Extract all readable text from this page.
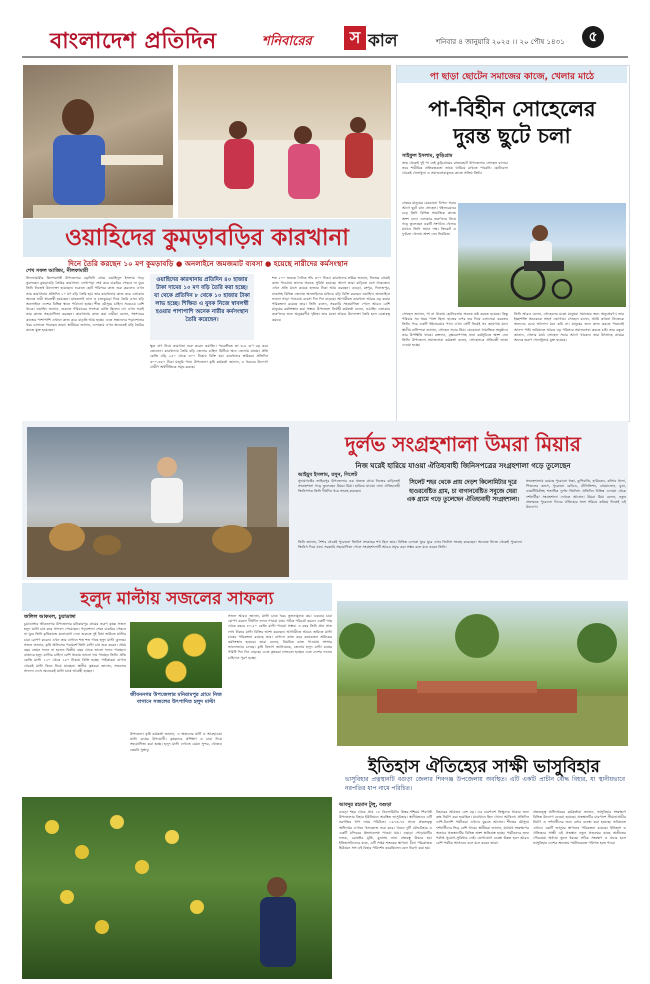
বাংলাদেশ প্রতিদিন	শনিবারের	স কাল	শনিবার ৪ জানুয়ারি ২০২৫ ।। ২০ পৌষ ১৪৩১	৫
ওয়াহিদের কুমড়াবড়ির কারখানা
দিনে তৈরি করছেন ১০ মণ কুমড়াবড়ি ● অনলাইনে জমজমাট ব্যবসা ● হয়েছে নারীদের কর্মসংস্থান
শেখ সফল আজিম, নীলফামারী
নীলফামারীর কিশোরগঞ্জ উপজেলার বড়ভিটা গ্রামে ওয়াহিদুল ইসলাম গড়ে তুলেছেন কুমড়াবড়ি তৈরির কারখানা। লেখাপড়া শেষ করে চাকরির পেছনে না ঘুরে তিনি নিজেই উদ্যোক্তা হয়েছেন। শুরুতে ছোট পরিসরে কাজ শুরু করলেও এখন তার কারখানায় প্রতিদিন ১০ মণ বড়ি তৈরি হয়। তার কারখানায় কাজ করে এলাকার অনেক নারী স্বাবলম্বী হয়েছেন। মাষকলাই ডাল ও চালকুমড়া দিয়ে তৈরি এসব বড়ি অনলাইনে দেশের বিভিন্ন স্থানে পাঠানো হচ্ছে। শীত মৌসুমে চাহিদা সবচেয়ে বেশি থাকে। ওয়াহিদ জানান, শুরুতে পরিবারের সদস্যরা রাজি ছিলেন না। এখন সবাই তার কাজে সহযোগিতা করছেন। কারখানায় কাজ করা নারীরা বলেন, সংসারের কাজের পাশাপাশি এখানে কাজ করে বাড়তি আয় হচ্ছে। এতে সন্তানদের পড়াশোনার খরচ চালাতে পারছেন তারা। স্থানীয়রা জানান, এলাকায় এখন অনেকেই বড়ি তৈরির কাজে যুক্ত হয়েছেন।
ওয়াহিদের কারখানায় প্রতিদিন ৪০ হাজার টাকা দামের ১০ মণ বড়ি তৈরি করা হচ্ছে। যা থেকে প্রতিদিন ৮ থেকে ১০ হাজার টাকা লাভ হচ্ছে। শিক্ষিত এ যুবক নিজে স্বাবলম্বী হওয়ার পাশাপাশি অনেক নারীর কর্মসংস্থান তৈরি করেছেন।
ক্ষুদ্র ঋণ নিয়ে কারখানা শুরু করেন ওয়াহিদ। পরবর্তীতে তা ৩-৪ গুণ বড় করে তোলেন। কারখানায় তৈরি বড়ি জেলার চাহিদা মিটিয়ে অন্য জেলায় যাচ্ছে। প্রতি কেজি বড়ি ২৫০ থেকে ৩০০ টাকায় বিক্রি হয়। কারখানার শ্রমিকরা প্রতিদিন ৩০০-৩৫০ টাকা মজুরি পান। উপজেলা কৃষি কর্মকর্তা জানান, এ ধরনের উদ্যোগ গ্রামীণ অর্থনীতিকে সমৃদ্ধ করছে।
শত ২০০ জনকে দৈনিক পাঁচ ৩০০ টাকা। কারখানার শ্রমিক জানান, নিজের গ্রামেই কাজ পাওয়ায় তাদের অনেক সুবিধা হয়েছে। আগে তারা বাড়িতে বসে থাকতেন। এখন প্রতি মাসে কয়েক হাজার টাকা আয় করছেন। বগুড়া, রংপুর, দিনাজপুর, ঢাকাসহ বিভিন্ন জেলায় অনলাইনের মাধ্যমে বড়ি বিক্রি করছেন ওয়াহিদ। অনলাইনে ভালো সাড়া পাওয়ায় ব্যবসা দিন দিন বাড়ছে। আগামীতে কারখানা আরও বড় করার পরিকল্পনা রয়েছে তার। তিনি বলেন, সরকারি সহযোগিতা পেলে আরও বেশি মানুষের কর্মসংস্থান করা সম্ভব। উপজেলা নির্বাহী কর্মকর্তা বলেন, ওয়াহিদ এলাকার তরুণদের জন্য অনুকরণীয় দৃষ্টান্ত। তার মতো আরও উদ্যোক্তা তৈরি হলে বেকারত্ব কমবে।
পা ছাড়া ছোটেন সমাজের কাজে, খেলার মাঠে
পা-বিহীন সোহেলের
দুরন্ত ছুটে চলা
সাইফুল ইসলাম, কুড়িগ্রাম
জন্ম থেকেই দুই পা নেই কুড়িগ্রামের রাজারহাট উপজেলার সোহেল রানার। তবে শারীরিক প্রতিবন্ধকতা তাকে থামিয়ে রাখতে পারেনি। ছোটবেলা থেকেই খেলাধুলা ও সমাজসেবামূলক কাজে সক্রিয় তিনি।
গ্রামের মানুষের যেকোনো বিপদে সবার আগে ছুটে যান সোহেল। হুইলচেয়ারে চড়ে তিনি বিভিন্ন সামাজিক কাজে অংশ নেন। এলাকার তরুণদের নিয়ে গড়ে তুলেছেন একটি সংগঠন। খেলার মাঠেও তিনি সমান দক্ষ। ক্রিকেট ও ফুটবল খেলায় অংশ নেন নিয়মিত।
সোহেল জানান, পা না থাকায় ছোটবেলায় অনেক কষ্ট করতে হয়েছে। কিন্তু পরিবার সব সময় পাশে ছিল। হাতের ওপর ভর দিয়ে চলাফেরা করতেন তিনি। পরে একটি হুইলচেয়ার পান। এখন সেটি নিয়েই সব জায়গায় যান। স্থানীয় বাসিন্দারা জানান, সোহেল সবার প্রিয়। যেকোনো সামাজিক অনুষ্ঠানে তার উপস্থিতি থাকে। রক্তদান, বৃক্ষরোপণসহ নানা কর্মসূচিতে অংশ নেন তিনি। উপজেলা সমাজসেবা কর্মকর্তা বলেন, সোহেলকে প্রতিবন্ধী ভাতা দেওয়া হচ্ছে।
তিনি আরও বলেন, সোহেলের মতো মানুষরা সমাজের জন্য অনুপ্রেরণা। তার ইচ্ছাশক্তি অনেককে সাহস জোগায়। সোহেল বলেন, আমি কখনো নিজেকে অন্যদের চেয়ে আলাদা মনে করি না। মানুষের জন্য কাজ করতে পারলেই আনন্দ পাই। ভবিষ্যতে আরও বড় পরিসরে সমাজসেবা করতে চাই। তার বন্ধুরা জানান, খেলার মাঠে সোহেল সবার আগে থাকেন। তার উৎসাহে গ্রামের অনেক তরুণ খেলাধুলায় যুক্ত হয়েছে।
দুর্লভ সংগ্রহশালা উমরা মিয়ার
নিজ ঘরেই হারিয়ে যাওয়া ঐতিহ্যবাহী জিনিসপত্রের সংগ্রহশালা গড়ে তুলেছেন
আইয়ুব ইসলাম, রসুন, সিলেট
সুনামগঞ্জের তাহিরপুর উপজেলার এক প্রত্যন্ত গ্রামে নিজের বাড়িতেই সংগ্রহশালা গড়ে তুলেছেন উমরা মিয়া। হারিয়ে যাওয়া নানা ঐতিহ্যবাহী জিনিসপত্র তিনি দীর্ঘদিন ধরে সংগ্রহ করছেন।
সিলেট শহর থেকে প্রায় দেড়শ কিলোমিটার দূরে হাওরবেষ্টিত গ্রাম, চা বাগানবেষ্টিত সবুজে ঘেরা এক গ্রামে গড়ে তুলেছেন ঐতিহ্যবাহী সংগ্রহশালা।
সংগ্রহশালায় রয়েছে পুরোনো হুক্কা, কুপিবাতি, হারিকেন, কাঁসার থালা, পিতলের কলস, পুরোনো রেডিও, টেলিভিশন, গ্রামোফোন, মুদ্রা, ডাকটিকিটসহ শতাধিক দুর্লভ জিনিস। প্রতিদিন বিভিন্ন এলাকা থেকে দর্শনার্থীরা সংগ্রহশালা দেখতে আসেন। উমরা মিয়া বলেন, নতুন প্রজন্মকে পুরোনো দিনের ঐতিহ্যের সঙ্গে পরিচয় করিয়ে দিতেই এই উদ্যোগ।
তিনি জানান, শৈশব থেকেই পুরোনো জিনিস সংগ্রহের শখ ছিল তার। বিভিন্ন এলাকা ঘুরে ঘুরে এসব জিনিস সংগ্রহ করেছেন। অনেকে নিজে থেকেই পুরোনো জিনিস দিয়ে যান। সরকারি সহযোগিতা পেলে সংগ্রহশালাটি আরও সমৃদ্ধ করা সম্ভব বলে মনে করেন তিনি।
হলুদ মাল্টায় সজলের সাফল্য
জলিল আকমল, চুয়াডাঙ্গা
চুয়াডাঙ্গার জীবননগর উপজেলার মনিরামপুর গ্রামের তরুণ কৃষক সজল হলুদ মাল্টা চাষ করে সাফল্য পেয়েছেন। পড়াশোনা শেষে চাকরির পেছনে না ঘুরে তিনি কৃষিকাজে মনোযোগ দেন। শুরুতে দুই বিঘা জমিতে মাল্টার চারা রোপণ করেন। এখন তার বাগানে শত শত গাছে হলুদ মাল্টা ঝুলছে। সজল জানান, কৃষি অফিসের পরামর্শে তিনি মাল্টা চাষ শুরু করেন। প্রথম বছর তেমন ফলন না হলেও দ্বিতীয় বছর থেকে ভালো ফলন পাচ্ছেন। বাজারে হলুদ মাল্টার চাহিদা বেশি থাকায় ভালো দাম পাচ্ছেন তিনি। প্রতি কেজি মাল্টা ১২০ থেকে ১৫০ টাকায় বিক্রি হচ্ছে। পাইকাররা বাগান থেকেই মাল্টা কিনে নিয়ে যাচ্ছেন। স্থানীয় কৃষকরা জানান, সজলের সাফল্য দেখে অনেকেই মাল্টা চাষে আগ্রহী হচ্ছেন।
জীবননগর উপজেলার মনিরামপুর গ্রামে নিজ বাগানে সজলের উৎপাদিত হলুদ মাল্টা
উপজেলা কৃষি কর্মকর্তা জানান, এ অঞ্চলের মাটি ও আবহাওয়া মাল্টা চাষের উপযোগী। কৃষকদের প্রশিক্ষণ ও চারা দিয়ে সহযোগিতা করা হচ্ছে। হলুদ মাল্টা দেখতে যেমন সুন্দর, খেতেও তেমনি সুস্বাদু।
সজল আরও জানান, মাল্টা চাষে খরচ তুলনামূলক কম। একবার চারা রোপণ করলে দীর্ঘদিন ফলন পাওয়া যায়। সঠিক পরিচর্যা করলে একটি গাছ থেকে বছরে ৪০-৫০ কেজি মাল্টা পাওয়া সম্ভব। এ বছর তিনি প্রায় সাত লাখ টাকার মাল্টা বিক্রির আশা করছেন। আগামীতে আরও জমিতে মাল্টা চাষের পরিকল্পনা রয়েছে তার। বাগানে কাজ করে কয়েকজন শ্রমিকের কর্মসংস্থান হয়েছে। তারা বলেন, নিয়মিত কাজ পাওয়ায় সংসার ভালোভাবে চলছে। কৃষি বিভাগ জানিয়েছে, জেলায় হলুদ মাল্টা চাষের পরিধি দিন দিন বাড়ছে। এতে কৃষকরা লাভবান হচ্ছেন এবং দেশের ফলের চাহিদাও পূরণ হচ্ছে।
ইতিহাস ঐতিহ্যের সাক্ষী ভাসুবিহার
ভাসুবিহার প্রত্নস্থানটি বগুড়া জেলার শিবগঞ্জ উপজেলায় অবস্থিত। এটি একটি প্রাচীন বৌদ্ধ বিহার, যা স্থানীয়ভাবে নরপতির ধাপ নামে পরিচিত।
আবদুর রহমান টুলু, বগুড়া
বগুড়া শহর থেকে প্রায় ১৮ কিলোমিটার উত্তর-পশ্চিমে শিবগঞ্জ উপজেলার বিহার ইউনিয়নে অবস্থিত ভাসুবিহার। স্থানীয়ভাবে এটি নরপতির ধাপ নামে পরিচিত। ১৯৭৩-৭৪ সালে প্রত্নতত্ত্ব অধিদপ্তর এখানে খননকাজ শুরু করে। খননে দুটি বৌদ্ধবিহার ও একটি মন্দিরের ধ্বংসাবশেষ পাওয়া যায়। এছাড়া পোড়ামাটির ফলক, ব্রোঞ্জের মূর্তি, মুদ্রাসহ নানা প্রত্নবস্তু উদ্ধার হয়। ইতিহাসবিদদের মতে, এটি সপ্তম শতকের স্থাপনা। চীনা পরিব্রাজক হিউয়েন সাং এই বিহার পরিদর্শন করেছিলেন বলে ধারণা করা হয়।
বিহারের আয়তন বেশ বড়। এর চারপাশে ভিক্ষুদের থাকার জন্য কক্ষ নির্মাণ করা হয়েছিল। মাঝখানে ছিল খোলা আঙিনা। প্রতিদিন দেশি-বিদেশি পর্যটকরা এখানে ঘুরতে আসেন। শীতের মৌসুমে দর্শনার্থীদের ভিড় বেশি থাকে। স্থানীয়রা জানান, যথাযথ সংরক্ষণের অভাবে প্রত্নস্থানটির বিভিন্ন অংশ ক্ষতিগ্রস্ত হচ্ছে। পর্যটকদের জন্য পর্যাপ্ত সুযোগ-সুবিধাও নেই। যোগাযোগ ব্যবস্থা উন্নত হলে আরও বেশি পর্যটক আসবেন বলে মনে করেন তারা।
প্রত্নতত্ত্ব অধিদপ্তরের কর্মকর্তারা জানান, ভাসুবিহার সংরক্ষণে বিভিন্ন উদ্যোগ নেওয়া হয়েছে। প্রত্নস্থানটির চারপাশে সীমানাপ্রাচীর নির্মাণ ও দর্শনার্থীদের জন্য বসার ব্যবস্থা করা হয়েছে। ভবিষ্যতে এখানে একটি জাদুঘর স্থাপনের পরিকল্পনা রয়েছে। ইতিহাস ও ঐতিহ্যের সাক্ষী এই প্রত্নস্থান নতুন প্রজন্মের কাছে অতীতের গৌরবময় অধ্যায় তুলে ধরছে। সঠিক সংরক্ষণ ও প্রচার হলে ভাসুবিহার দেশের অন্যতম পর্যটনকেন্দ্রে পরিণত হতে পারে।
